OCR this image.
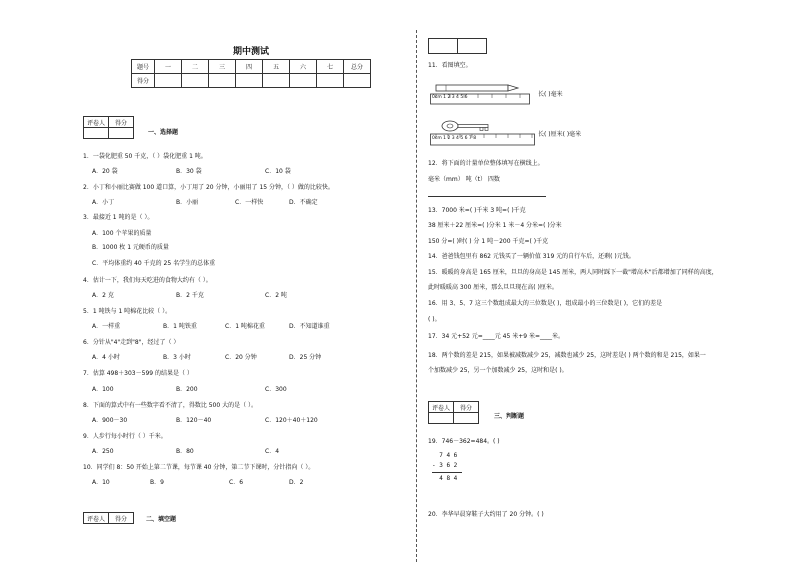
期中测试
题号	一	二	三	四	五	六	七	总分
得分								
评卷人	得分

一、选择题
1．一袋化肥重 50 千克，（ ）袋化肥重 1 吨。
A．20 袋	B．30 袋	C．10 袋
2．小丁和小丽比赛做 100 道口算，小丁用了 20 分钟，小丽用了 15 分钟，（ ）做的比较快。
A．小丁	B．小丽	C．一样快	D．不确定
3．最接近 1 吨的是（ ）。
A．100 个苹果的质量
B．1000 枚 1 元硬币的质量
C．平均体重约 40 千克的 25 名学生的总体重
4．估计一下，我们每天吃进的食物大约有（ ）。
A．2 克	B．2 千克	C．2 吨
5．1 吨铁与 1 吨棉花比较（ ）。
A．一样重	B．1 吨铁重	C．1 吨棉花重	D．不知道谁重
6．分针从"4"走到"8"，经过了（ ）
A．4 小时	B．3 小时	C．20 分钟	D．25 分钟
7．估算 498＋303－599 的结果是（ ）
A．100	B．200	C．300
8．下面的算式中有一些数字看不清了，得数比 500 大的是（ ）。
A．900－30	B．120－40	C．120＋40＋120
9．人步行每小时行（ ）千米。
A．250	B．80	C．4
10．同学们 8：50 开始上第二节课，每节课 40 分钟，第二节下课时，分针指向（ ）。
A．10	B．9	C．6	D．2
评卷人	得分	二、填空题
11．看图填空。
0cm 1 2 3 4 5 6	长( )毫米
0cm 1 2 3 4 5 6 7 8
长( )厘米( )毫米
12．将下面的计量单位整体填写在横线上。
毫米（mm） 吨（t） 四数
13．7000 米=( )千米 3 吨=( )千克
38 厘米＋22 厘米=( )分米 1 米－4 分米=( )分米
150 分=( )时( ) 分 1 吨－200 千克=( )千克
14．爸爸钱包里有 862 元钱买了一辆价值 319 元的自行车后，还剩( )元钱。
15．暖暖的身高是 165 厘米，旦旦的身高是 145 厘米，两人同时踩下一截"增高木"后都增加了同样的高度，
此时暖暖高 300 厘米，那么旦旦现在高( )厘米。
16．用 3、5、7 这三个数组成最大的三位数是( )，组成最小的三位数是( )，它们的差是
( )。
17．34 元+52 元=____元 45 米+9 米=____米。
18．两个数的差是 215，如果被减数减少 25，减数也减少 25，这时差是( ) 两个数的和是 215，如果一
个加数减少 25，另一个加数减少 25，这时和是( )。
评卷人	得分

三、判断题
19．746－362=484。( )
7 4 6
- 3 6 2
4 8 4
20．李华早晨穿鞋子大约用了 20 分钟。( )
